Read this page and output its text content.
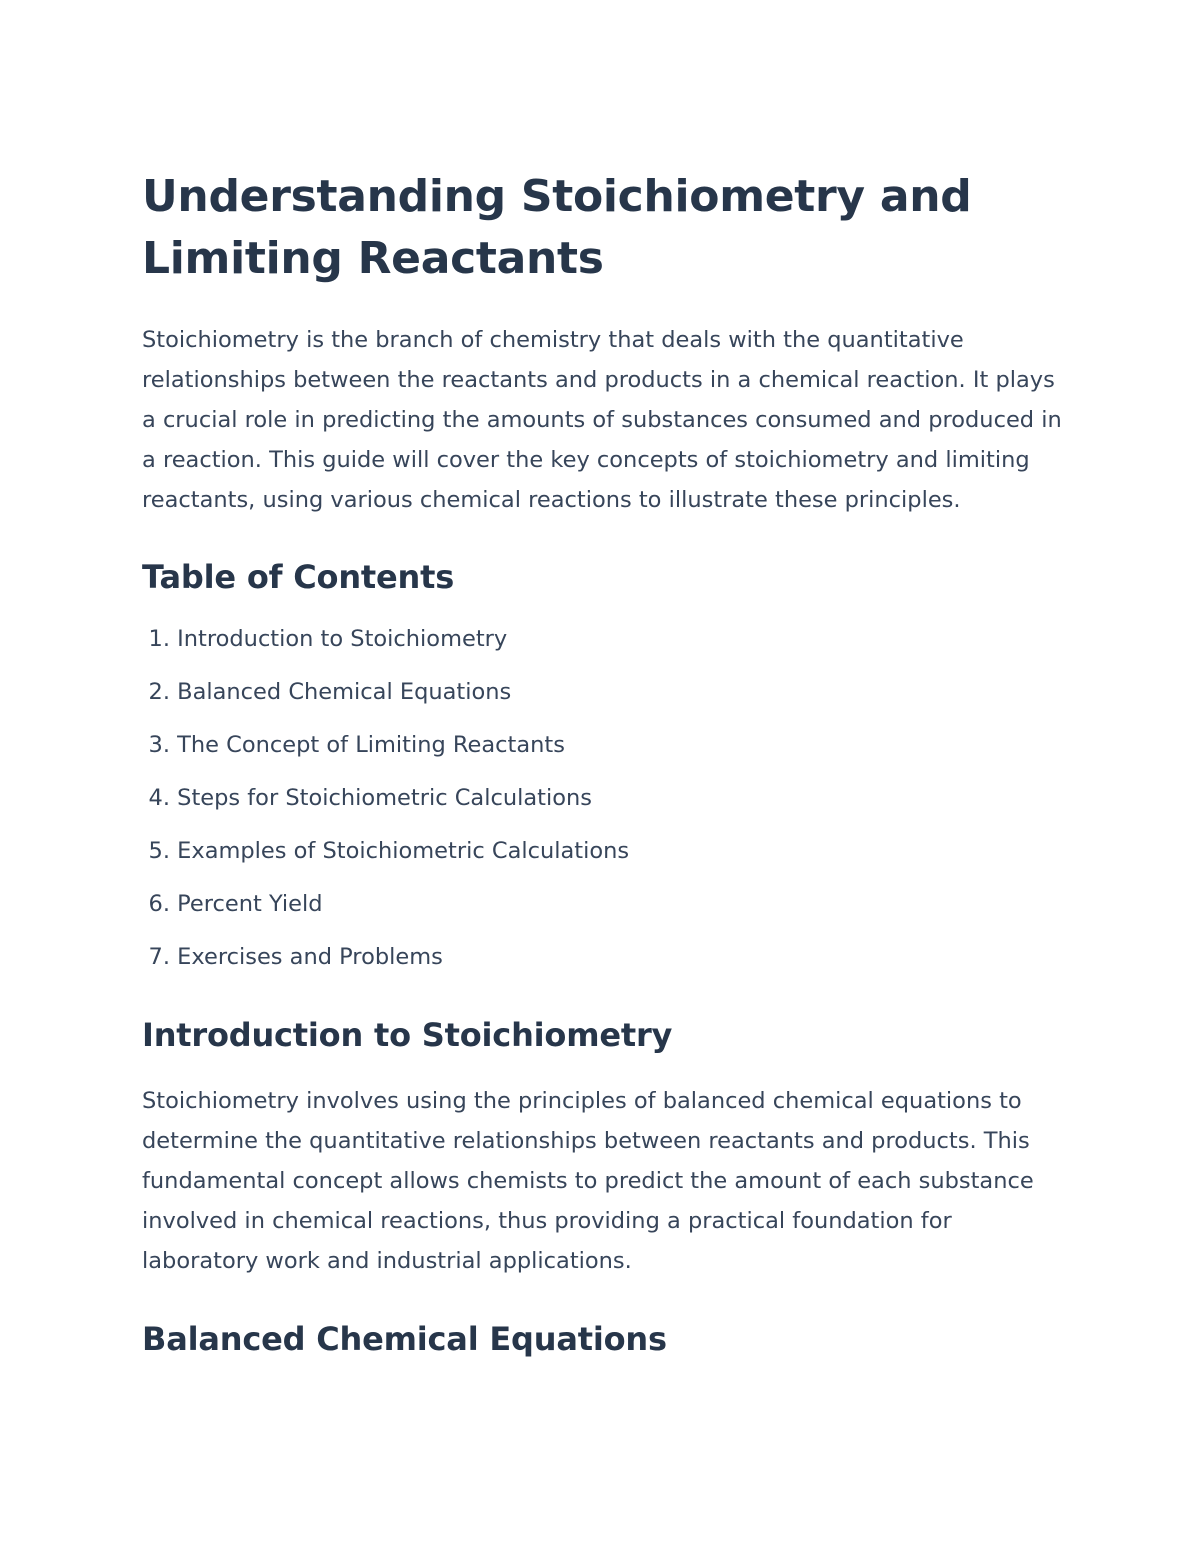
Understanding Stoichiometry and Limiting Reactants

Stoichiometry is the branch of chemistry that deals with the quantitative relationships between the reactants and products in a chemical reaction. It plays a crucial role in predicting the amounts of substances consumed and produced in a reaction. This guide will cover the key concepts of stoichiometry and limiting reactants, using various chemical reactions to illustrate these principles.

Table of Contents
1. Introduction to Stoichiometry
2. Balanced Chemical Equations
3. The Concept of Limiting Reactants
4. Steps for Stoichiometric Calculations
5. Examples of Stoichiometric Calculations
6. Percent Yield
7. Exercises and Problems
Introduction to Stoichiometry

Stoichiometry involves using the principles of balanced chemical equations to determine the quantitative relationships between reactants and products. This fundamental concept allows chemists to predict the amount of each substance involved in chemical reactions, thus providing a practical foundation for laboratory work and industrial applications.

Balanced Chemical Equations
